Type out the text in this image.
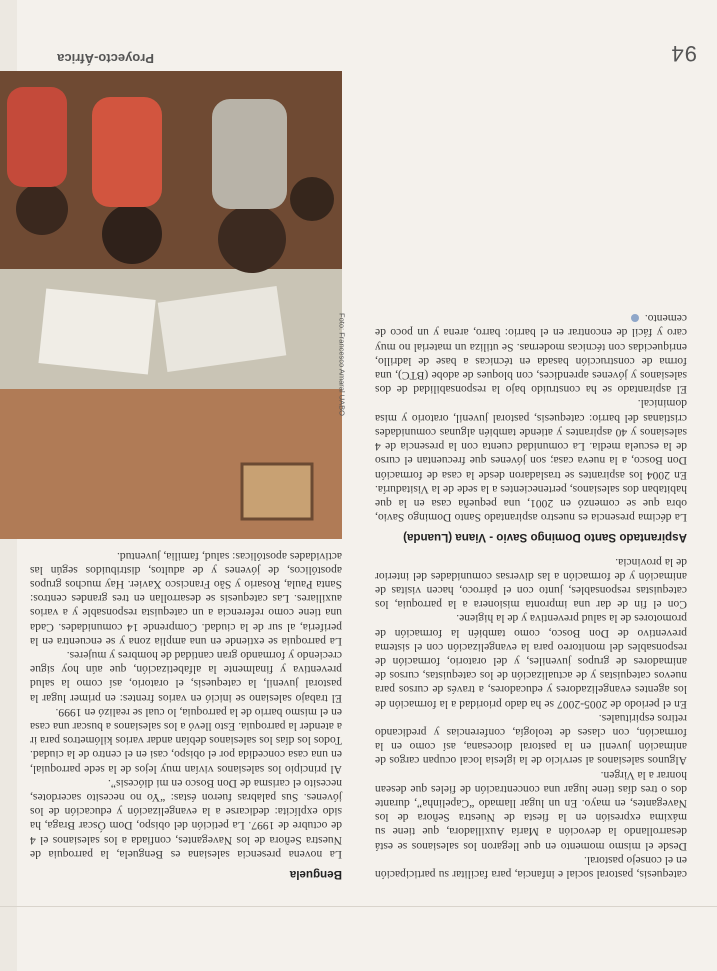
Benguela

La novena presencia salesiana es Benguela, la parroquia de Nuestra Señora de los Navegantes, confiada a los salesianos el 4 de octubre de 1997. La petición del obispo, Dom Óscar Braga, ha sido explícita: dedicarse a la evangelización y educación de los jóvenes. Sus palabras fueron éstas: “Yo no necesito sacerdotes, necesito el carisma de Don Bosco en mi diócesis”.

Al principio los salesianos vivían muy lejos de la sede parroquial, en una casa concedida por el obispo, casi en el centro de la ciudad. Todos los días los salesianos debían andar varios kilómetros para ir a atender la parroquia. Esto llevó a los salesianos a buscar una casa en el mismo barrio de la parroquia, lo cual se realizó en 1999.

El trabajo salesiano se inició en varios frentes: en primer lugar la pastoral juvenil, la catequesis, el oratorio, así como la salud preventiva y finalmente la alfabetización, que aún hoy sigue creciendo y formando gran cantidad de hombres y mujeres.

La parroquia se extiende en una amplia zona y se encuentra en la periferia, al sur de la ciudad. Comprende 14 comunidades. Cada una tiene como referencia a un catequista responsable y a varios auxiliares. Las catequesis se desarrollan en tres grandes centros: Santa Paula, Rosario y São Francisco Xavier. Hay muchos grupos apostólicos, de jóvenes y de adultos, distribuidos según las actividades apostólicas: salud, familia, juventud.

Foto: Francesco Amaral UABO

catequesis, pastoral social e infancia, para facilitar su participación en el consejo pastoral.

Desde el mismo momento en que llegaron los salesianos se está desarrollando la devoción a María Auxiliadora, que tiene su máxima expresión en la fiesta de Nuestra Señora de los Navegantes, en mayo. En un lugar llamado “Capelinha”, durante dos o tres días tiene lugar una concentración de fieles que desean honrar a la Virgen.

Algunos salesianos al servicio de la iglesia local ocupan cargos de animación juvenil en la pastoral diocesana, así como en la formación, con clases de teología, conferencias y predicando retiros espirituales.

En el periodo de 2005-2007 se ha dado prioridad a la formación de los agentes evangelizadores y educadores, a través de cursos para nuevos catequistas y de actualización de los catequistas, cursos de animadores de grupos juveniles, y del oratorio, formación de responsables del monitoreo para la evangelización con el sistema preventivo de Don Bosco, como también la formación de promotores de la salud preventiva y de la higiene.

Con el fin de dar una impronta misionera a la parroquia, los catequistas responsables, junto con el párroco, hacen visitas de animación y de formación a las diversas comunidades del interior de la provincia.

Aspirantado Santo Domingo Savio - Viana (Luanda)

La décima presencia es nuestro aspirantado Santo Domingo Savio, obra que se comenzó en 2001, una pequeña casa en la que habitaban dos salesianos, pertenecientes a la sede de la Visitaduría. En 2004 los aspirantes se trasladaron desde la casa de formación Don Bosco, a la nueva casa; son jóvenes que frecuentan el curso de la escuela media. La comunidad cuenta con la presencia de 4 salesianos y 40 aspirantes y atiende también algunas comunidades cristianas del barrio: catequesis, pastoral juvenil, oratorio y misa dominical.

El aspirantado se ha construido bajo la responsabilidad de dos salesianos y jóvenes aprendices, con bloques de adobe (BTC), una forma de construcción basada en técnicas a base de ladrillo, enriquecidas con técnicas modernas. Se utiliza un material no muy caro y fácil de encontrar en el barrio: barro, arena y un poco de cemento.

Proyecto-África	94
